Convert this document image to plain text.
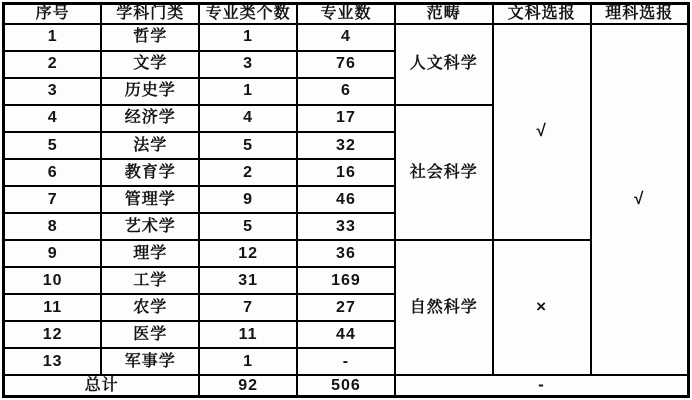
序号	学科门类	专业类个数	专业数	范畴	文科选报	理科选报
1	哲学	1	4	人文科学	√	√
2	文学	3	76			
3	历史学	1	6			
4	经济学	4	17	社会科学		
5	法学	5	32			
6	教育学	2	16			
7	管理学	9	46			
8	艺术学	5	33			
9	理学	12	36	自然科学	×	
10	工学	31	169			
11	农学	7	27			
12	医学	11	44			
13	军事学	1	-			
总计		92	506	-		
